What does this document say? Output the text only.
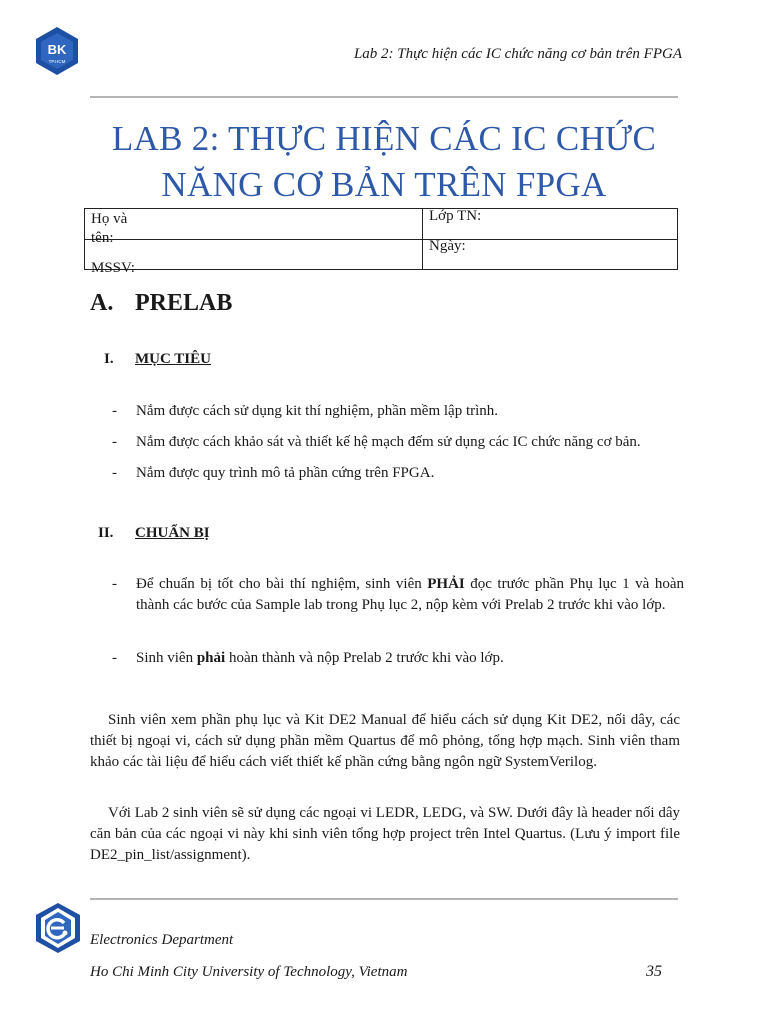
BK
TP.HCM	Lab 2: Thực hiện các IC chức năng cơ bản trên FPGA
LAB 2: THỰC HIỆN CÁC IC CHỨC
NĂNG CƠ BẢN TRÊN FPGA
Họ và
tên:
MSSV:
Lớp TN:
Ngày:
A. PRELAB
I. MỤC TIÊU
- Nắm được cách sử dụng kit thí nghiệm, phần mềm lập trình.
- Nắm được cách khảo sát và thiết kế hệ mạch đếm sử dụng các IC chức năng cơ bản.
- Nắm được quy trình mô tả phần cứng trên FPGA.
II. CHUẨN BỊ
- Để chuẩn bị tốt cho bài thí nghiệm, sinh viên PHẢI đọc trước phần Phụ lục 1 và hoàn thành các bước của Sample lab trong Phụ lục 2, nộp kèm với Prelab 2 trước khi vào lớp.
- Sinh viên phải hoàn thành và nộp Prelab 2 trước khi vào lớp.
Sinh viên xem phần phụ lục và Kit DE2 Manual để hiểu cách sử dụng Kit DE2, nối dây, các thiết bị ngoại vi, cách sử dụng phần mềm Quartus để mô phỏng, tổng hợp mạch. Sinh viên tham khảo các tài liệu để hiểu cách viết thiết kế phần cứng bằng ngôn ngữ SystemVerilog.
Với Lab 2 sinh viên sẽ sử dụng các ngoại vi LEDR, LEDG, và SW. Dưới đây là header nối dây căn bản của các ngoại vi này khi sinh viên tổng hợp project trên Intel Quartus. (Lưu ý import file DE2_pin_list/assignment).
Electronics Department
Ho Chi Minh City University of Technology, Vietnam	35
